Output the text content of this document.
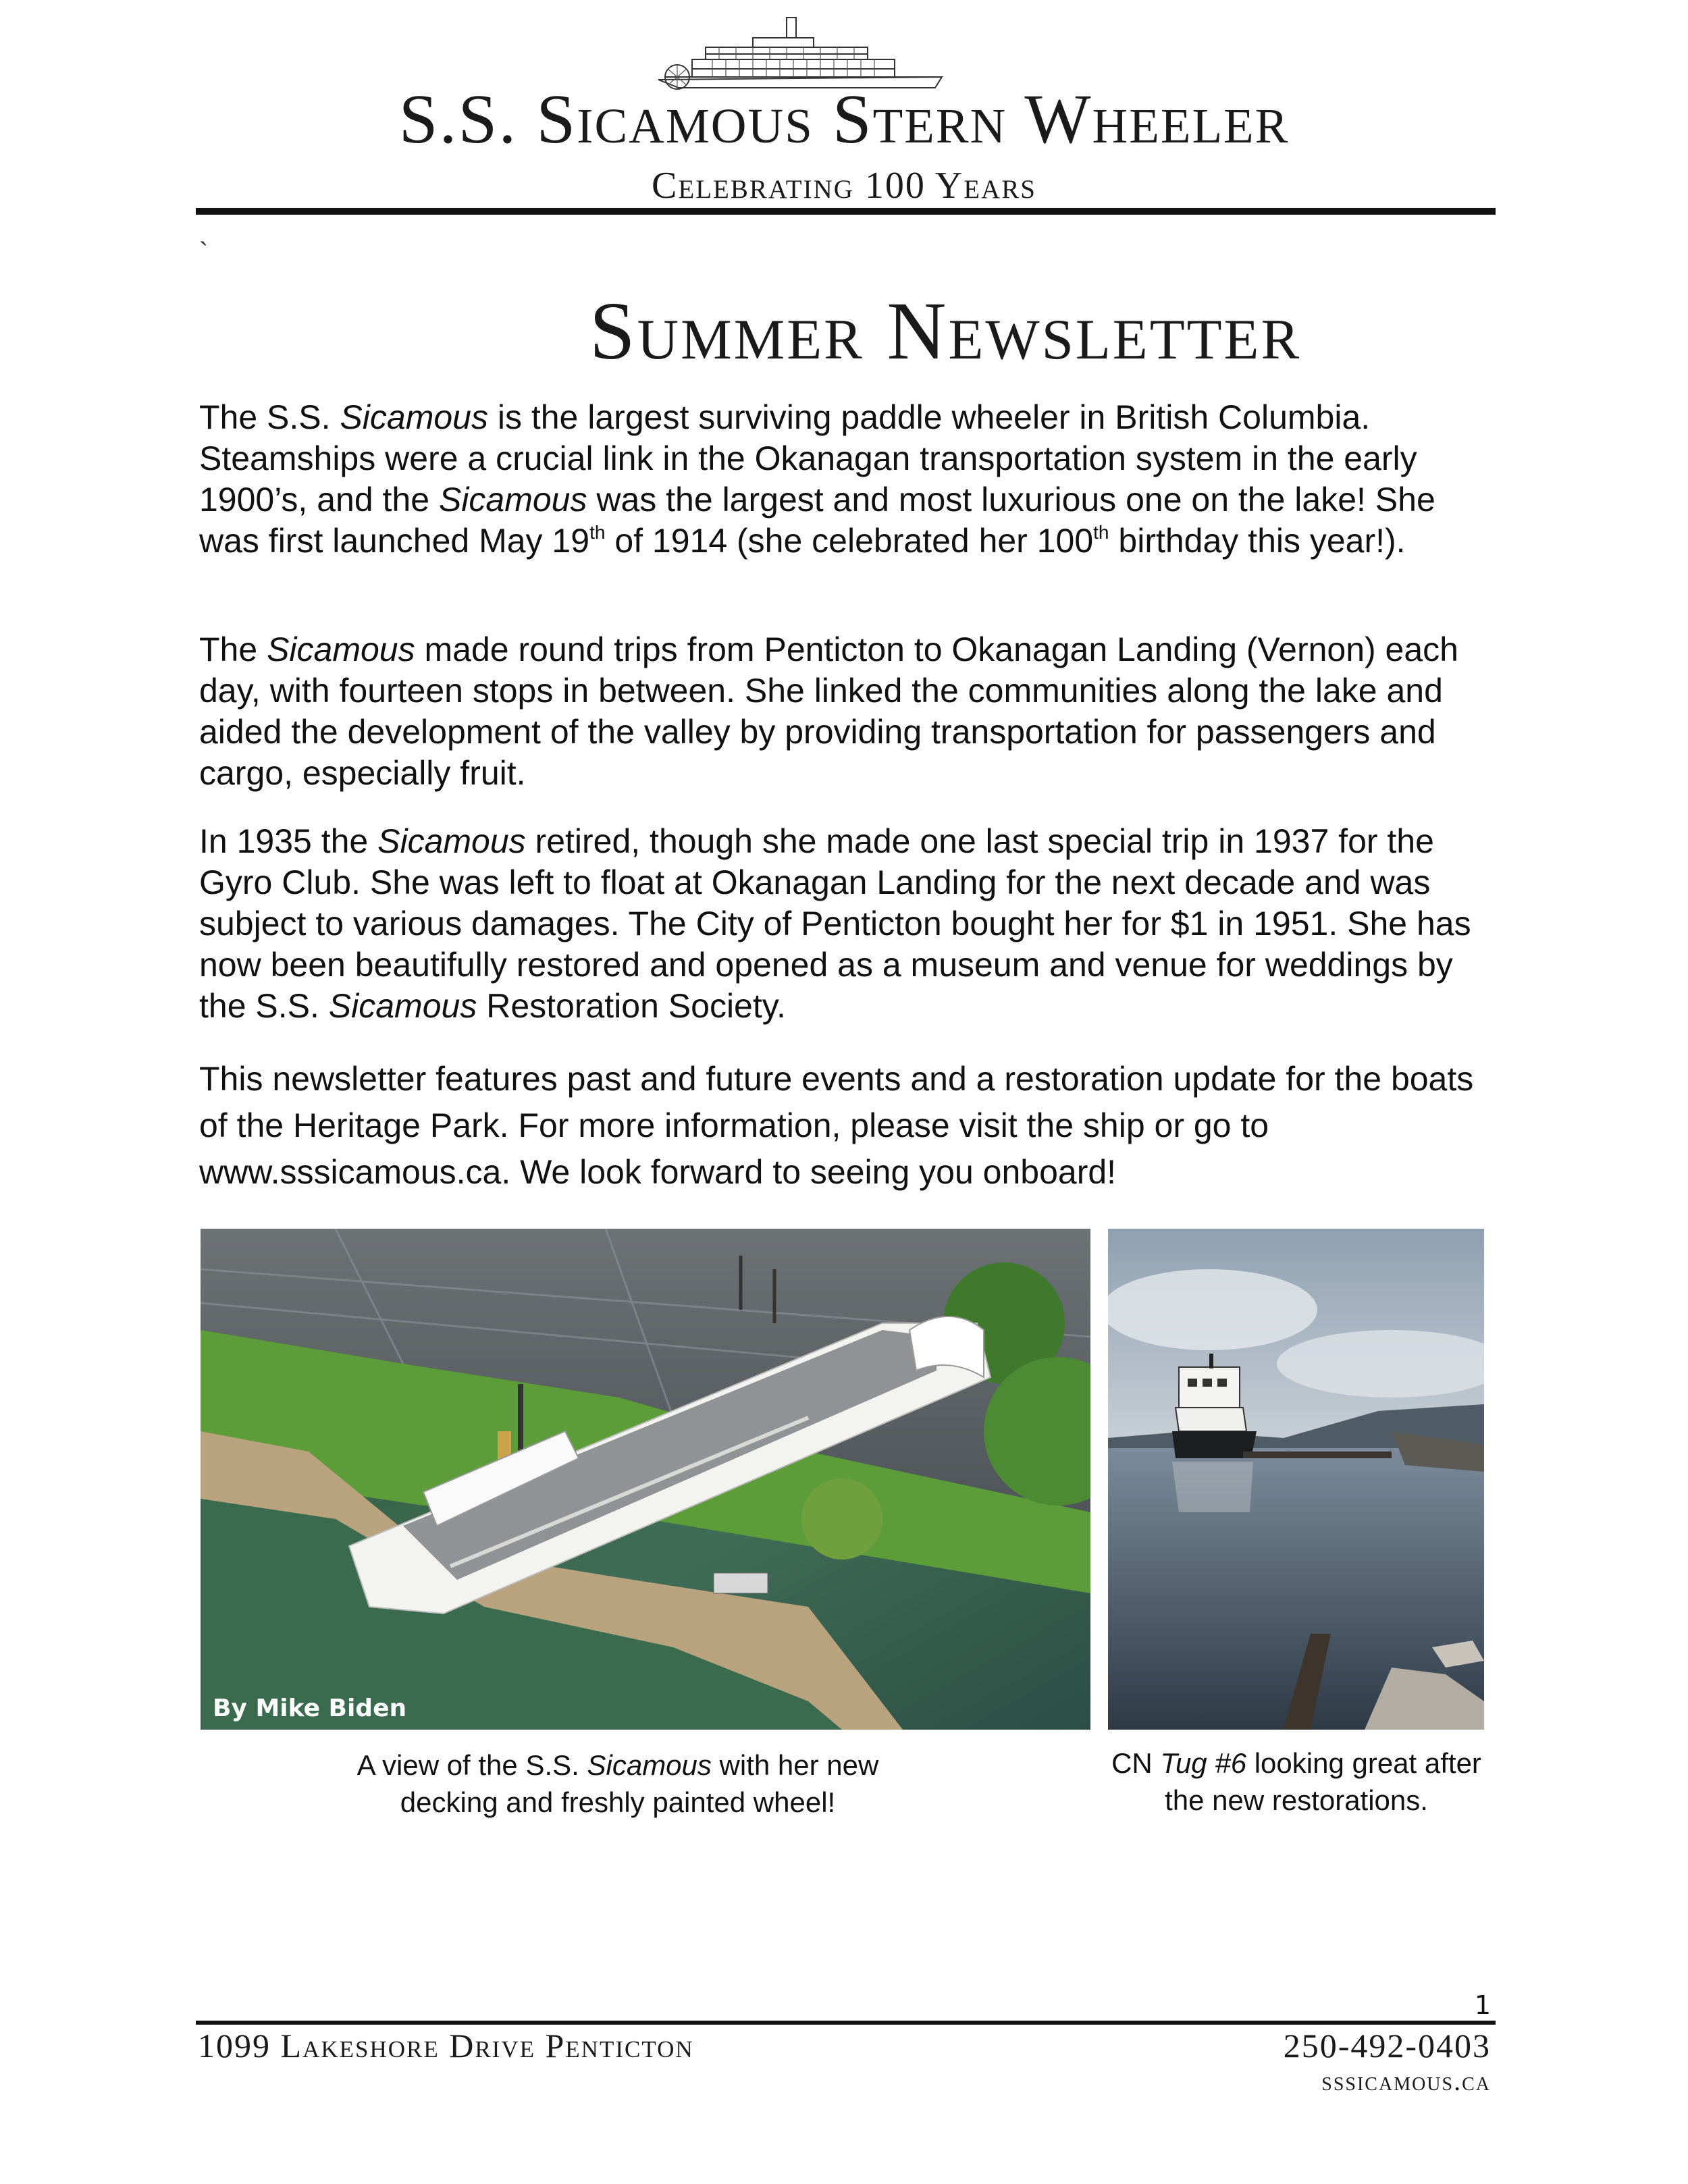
S.S. Sicamous Stern Wheeler
Celebrating 100 Years
`
Summer Newsletter

The S.S. Sicamous is the largest surviving paddle wheeler in British Columbia. Steamships were a crucial link in the Okanagan transportation system in the early 1900’s, and the Sicamous was the largest and most luxurious one on the lake! She was first launched May 19th of 1914 (she celebrated her 100th birthday this year!).

The Sicamous made round trips from Penticton to Okanagan Landing (Vernon) each day, with fourteen stops in between. She linked the communities along the lake and aided the development of the valley by providing transportation for passengers and cargo, especially fruit.

In 1935 the Sicamous retired, though she made one last special trip in 1937 for the Gyro Club. She was left to float at Okanagan Landing for the next decade and was subject to various damages. The City of Penticton bought her for $1 in 1951. She has now been beautifully restored and opened as a museum and venue for weddings by the S.S. Sicamous Restoration Society.

This newsletter features past and future events and a restoration update for the boats of the Heritage Park. For more information, please visit the ship or go to www.sssicamous.ca. We look forward to seeing you onboard!

By Mike Biden

A view of the S.S. Sicamous with her new decking and freshly painted wheel!

CN Tug #6 looking great after the new restorations.

1
1099 Lakeshore Drive Penticton	250-492-0403
sssicamous.ca
